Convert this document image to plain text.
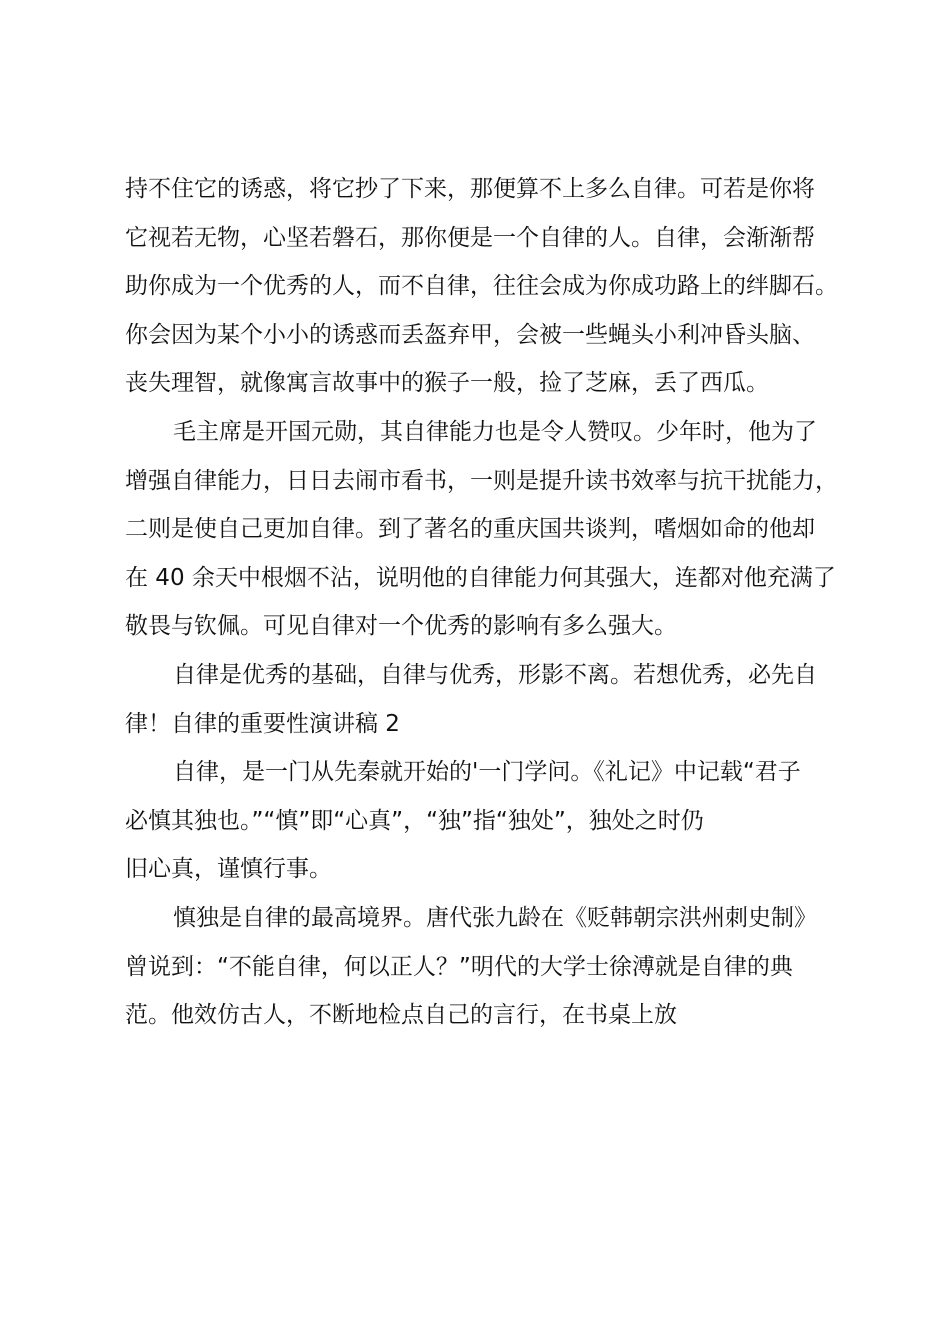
持不住它的诱惑，将它抄了下来，那便算不上多么自律。可若是你将
它视若无物，心坚若磐石，那你便是一个自律的人。自律，会渐渐帮
助你成为一个优秀的人，而不自律，往往会成为你成功路上的绊脚石。
你会因为某个小小的诱惑而丢盔弃甲，会被一些蝇头小利冲昏头脑、
丧失理智，就像寓言故事中的猴子一般，捡了芝麻，丢了西瓜。
毛主席是开国元勋，其自律能力也是令人赞叹。少年时，他为了
增强自律能力，日日去闹市看书，一则是提升读书效率与抗干扰能力，
二则是使自己更加自律。到了著名的重庆国共谈判，嗜烟如命的他却
在 40 余天中根烟不沾，说明他的自律能力何其强大，连都对他充满了
敬畏与钦佩。可见自律对一个优秀的影响有多么强大。
自律是优秀的基础，自律与优秀，形影不离。若想优秀，必先自
律！自律的重要性演讲稿 2
自律，是一门从先秦就开始的'一门学问。《礼记》中记载“君子
必慎其独也。”“慎”即“心真”，“独”指“独处”，独处之时仍
旧心真，谨慎行事。
慎独是自律的最高境界。唐代张九龄在《贬韩朝宗洪州刺史制》
曾说到：“不能自律，何以正人？”明代的大学士徐溥就是自律的典
范。他效仿古人，不断地检点自己的言行，在书桌上放
